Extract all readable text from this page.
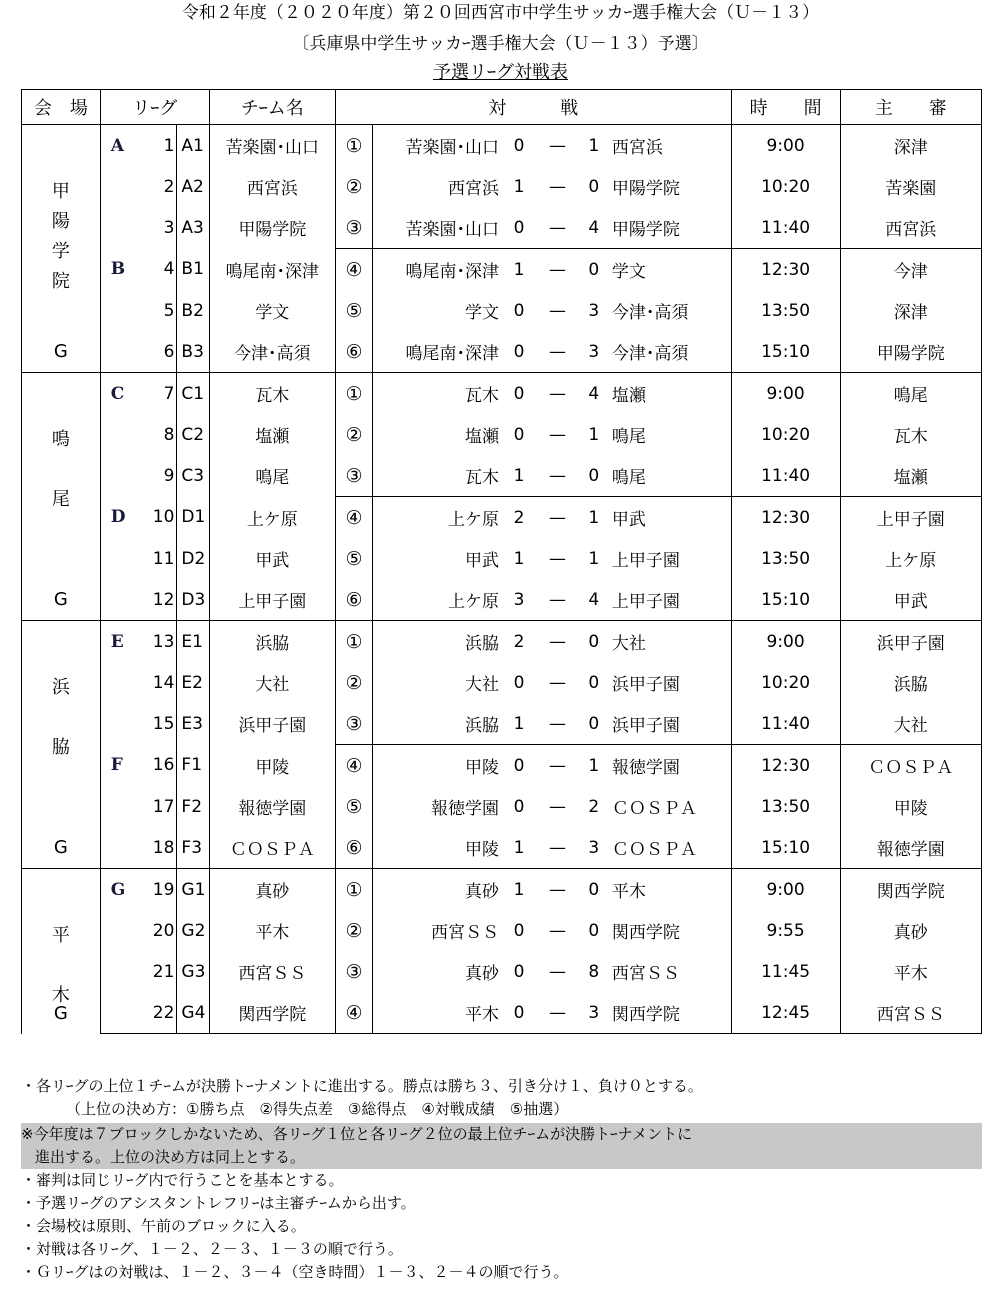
令和２年度（２０２０年度）第２０回西宮市中学生サッカｰ選手権大会（Ｕ－１３）
〔兵庫県中学生サッカｰ選手権大会（Ｕ－１３）予選〕
予選リｰグ対戦表
会　場	リｰグ			チｰム名	対　　　戦						時　　間	主　　審

甲
陽
学
院
G	A	1	A1	苦楽園･山口	①	苦楽園･山口	0	—	1	西宮浜	9:00	深津
		2	A2	西宮浜	②	西宮浜	1	—	0	甲陽学院	10:20	苦楽園
		3	A3	甲陽学院	③	苦楽園･山口	0	—	4	甲陽学院	11:40	西宮浜
	B	4	B1	鳴尾南･深津	④	鳴尾南･深津	1	—	0	学文	12:30	今津
		5	B2	学文	⑤	学文	0	—	3	今津･高須	13:50	深津
		6	B3	今津･高須	⑥	鳴尾南･深津	0	—	3	今津･高須	15:10	甲陽学院

鳴

尾
G	C	7	C1	瓦木	①	瓦木	0	—	4	塩瀬	9:00	鳴尾
		8	C2	塩瀬	②	塩瀬	0	—	1	鳴尾	10:20	瓦木
		9	C3	鳴尾	③	瓦木	1	—	0	鳴尾	11:40	塩瀬
	D	10	D1	上ケ原	④	上ケ原	2	—	1	甲武	12:30	上甲子園
		11	D2	甲武	⑤	甲武	1	—	1	上甲子園	13:50	上ケ原
		12	D3	上甲子園	⑥	上ケ原	3	—	4	上甲子園	15:10	甲武

浜

脇
G	E	13	E1	浜脇	①	浜脇	2	—	0	大社	9:00	浜甲子園
		14	E2	大社	②	大社	0	—	0	浜甲子園	10:20	浜脇
		15	E3	浜甲子園	③	浜脇	1	—	0	浜甲子園	11:40	大社
	F	16	F1	甲陵	④	甲陵	0	—	1	報徳学園	12:30	ＣＯＳＰＡ
		17	F2	報徳学園	⑤	報徳学園	0	—	2	ＣＯＳＰＡ	13:50	甲陵
		18	F3	ＣＯＳＰＡ	⑥	甲陵	1	—	3	ＣＯＳＰＡ	15:10	報徳学園

平

木
G	G	19	G1	真砂	①	真砂	1	—	0	平木	9:00	関西学院
		20	G2	平木	②	西宮ＳＳ	0	—	0	関西学院	9:55	真砂
		21	G3	西宮ＳＳ	③	真砂	0	—	8	西宮ＳＳ	11:45	平木
		22	G4	関西学院	④	平木	0	—	3	関西学院	12:45	西宮ＳＳ
・各リｰグの上位１チｰムが決勝トｰナメントに進出する。勝点は勝ち３、引き分け１、負け０とする。
（上位の決め方：①勝ち点　②得失点差　③総得点　④対戦成績　⑤抽選）
※今年度は７ブロックしかないため、各リｰグ１位と各リｰグ２位の最上位チｰムが決勝トｰナメントに
進出する。上位の決め方は同上とする。
・審判は同じリｰグ内で行うことを基本とする。
・予選リｰグのアシスタントレフリｰは主審チｰムから出す。
・会場校は原則、午前のブロックに入る。
・対戦は各リｰグ、１－２、２－３、１－３の順で行う。
・Ｇリｰグはの対戦は、１－２、３－４（空き時間）１－３、２－４の順で行う。
